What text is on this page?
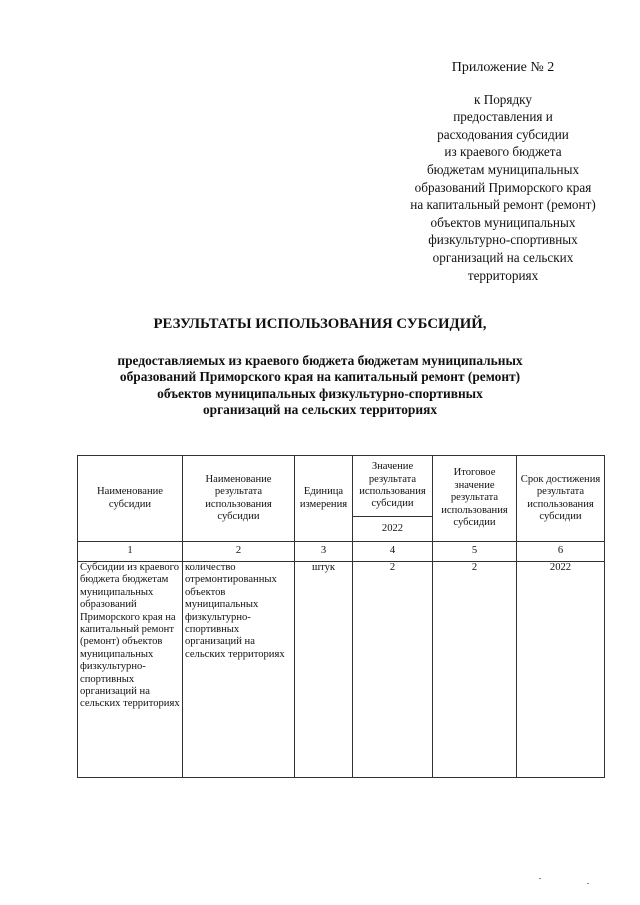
Приложение № 2
к Порядку
предоставления и
расходования субсидии
из краевого бюджета
бюджетам муниципальных
образований Приморского края
на капитальный ремонт (ремонт)
объектов муниципальных
физкультурно-спортивных
организаций на сельских
территориях
РЕЗУЛЬТАТЫ ИСПОЛЬЗОВАНИЯ СУБСИДИЙ,
предоставляемых из краевого бюджета бюджетам муниципальных
образований Приморского края на капитальный ремонт (ремонт)
объектов муниципальных физкультурно-спортивных
организаций на сельских территориях
Наименование субсидии	Наименование результата использования субсидии	Единица измерения	Значение результата использования субсидии	Итоговое значение результата использования субсидии	Срок достижения результата использования субсидии
			2022		
1	2	3	4	5	6
Субсидии из краевого бюджета бюджетам муниципальных образований Приморского края на капитальный ремонт (ремонт) объектов муниципальных физкультурно-спортивных организаций на сельских территориях	количество отремонтированных объектов муниципальных физкультурно-спортивных организаций на сельских территориях	штук	2	2	2022
